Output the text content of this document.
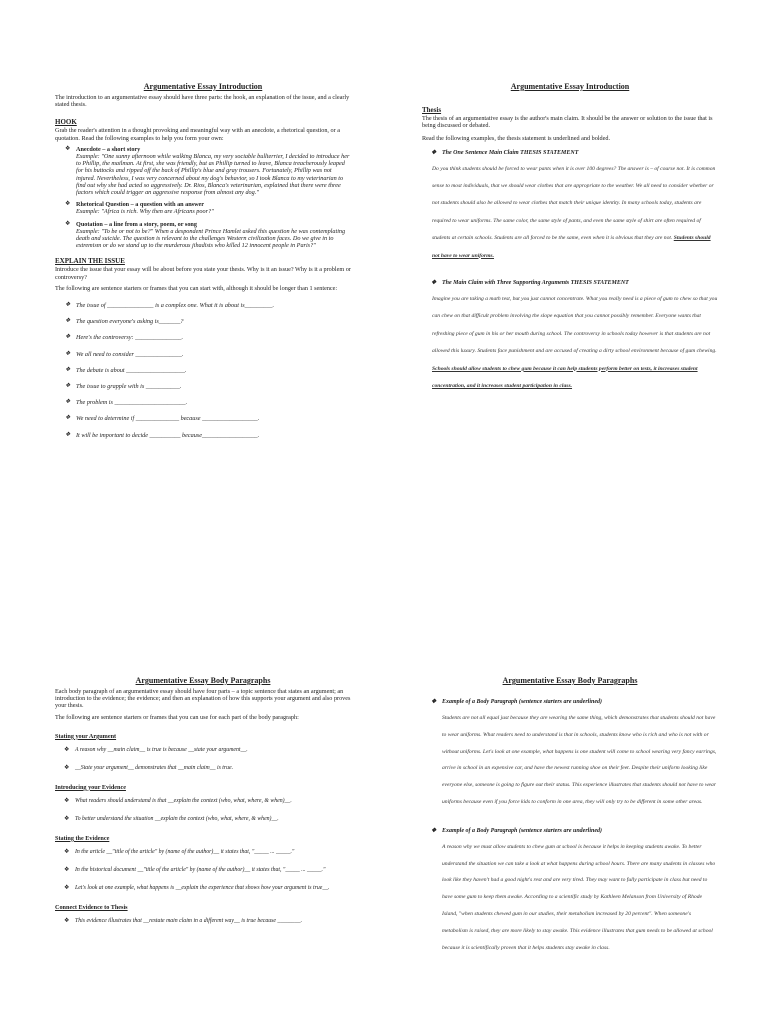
Argumentative Essay Introduction

The introduction to an argumentative essay should have three parts: the hook, an explanation of the issue, and a clearly stated thesis.

HOOK

Grab the reader's attention in a thought provoking and meaningful way with an anecdote, a rhetorical question, or a quotation. Read the following examples to help you form your own:

❖ Anecdote – a short story
Example: "One sunny afternoon while walking Blanca, my very sociable bullterrier, I decided to introduce her to Phillip, the mailman. At first, she was friendly, but as Phillip turned to leave, Blanca treacherously leaped for his buttocks and ripped off the back of Phillip's blue and gray trousers. Fortunately, Phillip was not injured. Nevertheless, I was very concerned about my dog's behavior, so I took Blanca to my veterinarian to find out why she had acted so aggressively. Dr. Rios, Blanca's veterinarian, explained that there were three factors which could trigger an aggressive response from almost any dog."
❖ Rhetorical Question – a question with an answer
Example: "Africa is rich. Why then are Africans poor?"
❖ Quotation – a line from a story, poem, or song
Example: "To be or not to be?" When a despondent Prince Hamlet asked this question he was contemplating death and suicide. The question is relevant to the challenges Western civilization faces. Do we give in to extremism or do we stand up to the murderous jihadists who killed 12 innocent people in Paris?"
EXPLAIN THE ISSUE

Introduce the issue that your essay will be about before you state your thesis. Why is it an issue? Why is it a problem or controversy?

The following are sentence starters or frames that you can start with, although it should be longer than 1 sentence:

❖ The issue of _______________ is a complex one. What it is about is_________.
❖ The question everyone's asking is_______?
❖ Here's the controversy: _______________.
❖ We all need to consider _______________.
❖ The debate is about ___________________.
❖ The issue to grapple with is ___________.
❖ The problem is _______________________.
❖ We need to determine if ______________ because __________________.
❖ It will be important to decide __________ because__________________.
Argumentative Essay Introduction
Thesis

The thesis of an argumentative essay is the author's main claim. It should be the answer or solution to the issue that is being discussed or debated.

Read the following examples, the thesis statement is underlined and bolded.

❖ The One Sentence Main Claim THESIS STATEMENT

Do you think students should be forced to wear pants when it is over 100 degrees? The answer is – of course not. It is common sense to most individuals, that we should wear clothes that are appropriate to the weather. We all need to consider whether or not students should also be allowed to wear clothes that match their unique identity. In many schools today, students are required to wear uniforms. The same color, the same style of pants, and even the same style of shirt are often required of students at certain schools. Students are all forced to be the same, even when it is obvious that they are not. Students should not have to wear uniforms.

❖ The Main Claim with Three Supporting Arguments THESIS STATEMENT

Imagine you are taking a math test, but you just cannot concentrate. What you really need is a piece of gum to chew so that you can chew on that difficult problem involving the slope equation that you cannot possibly remember. Everyone wants that refreshing piece of gum in his or her mouth during school. The controversy in schools today however is that students are not allowed this luxury. Students face punishment and are accused of creating a dirty school environment because of gum chewing. Schools should allow students to chew gum because it can help students perform better on tests, it increases student concentration, and it increases student participation in class.

Argumentative Essay Body Paragraphs

Each body paragraph of an argumentative essay should have four parts – a topic sentence that states an argument; an introduction to the evidence; the evidence; and then an explanation of how this supports your argument and also proves your thesis.

The following are sentence starters or frames that you can use for each part of the body paragraph:

Stating your Argument
❖ A reason why __main claim__ is true is because __state your argument__.
❖ __State your argument__ demonstrates that __main claim__ is true.
Introducing your Evidence
❖ What readers should understand is that __explain the context (who, what, where, & when)__.
❖ To better understand the situation __explain the context (who, what, where, & when)__.
Stating the Evidence
❖ In the article __"title of the article" by (name of the author)__ it states that, "_____ ... _____."
❖ In the historical document __"title of the article" by (name of the author)__ it states that, "_____ ... _____."
❖ Let's look at one example, what happens is __explain the experience that shows how your argument is true__.
Connect Evidence to Thesis
❖ This evidence illustrates that __restate main claim in a different way__ is true because ________.
Argumentative Essay Body Paragraphs
❖ Example of a Body Paragraph (sentence starters are underlined)

Students are not all equal just because they are wearing the same thing, which demonstrates that students should not have to wear uniforms. What readers need to understand is that in schools, students know who is rich and who is not with or without uniforms. Let's look at one example, what happens is one student will come to school wearing very fancy earrings, arrive in school in an expensive car, and have the newest running shoe on their feet. Despite their uniform looking like everyone else, someone is going to figure out their status. This experience illustrates that students should not have to wear uniforms because even if you force kids to conform in one area, they will only try to be different in some other areas.

❖ Example of a Body Paragraph (sentence starters are underlined)

A reason why we must allow students to chew gum at school is because it helps in keeping students awake. To better understand the situation we can take a look at what happens during school hours. There are many students in classes who look like they haven't had a good night's rest and are very tired. They may want to fully participate in class but need to have some gum to keep them awake. According to a scientific study by Kathleen Melanson from University of Rhode Island, "when students chewed gum in our studies, their metabolism increased by 20 percent". When someone's metabolism is raised, they are more likely to stay awake. This evidence illustrates that gum needs to be allowed at school because it is scientifically proven that it helps students stay awake in class.
